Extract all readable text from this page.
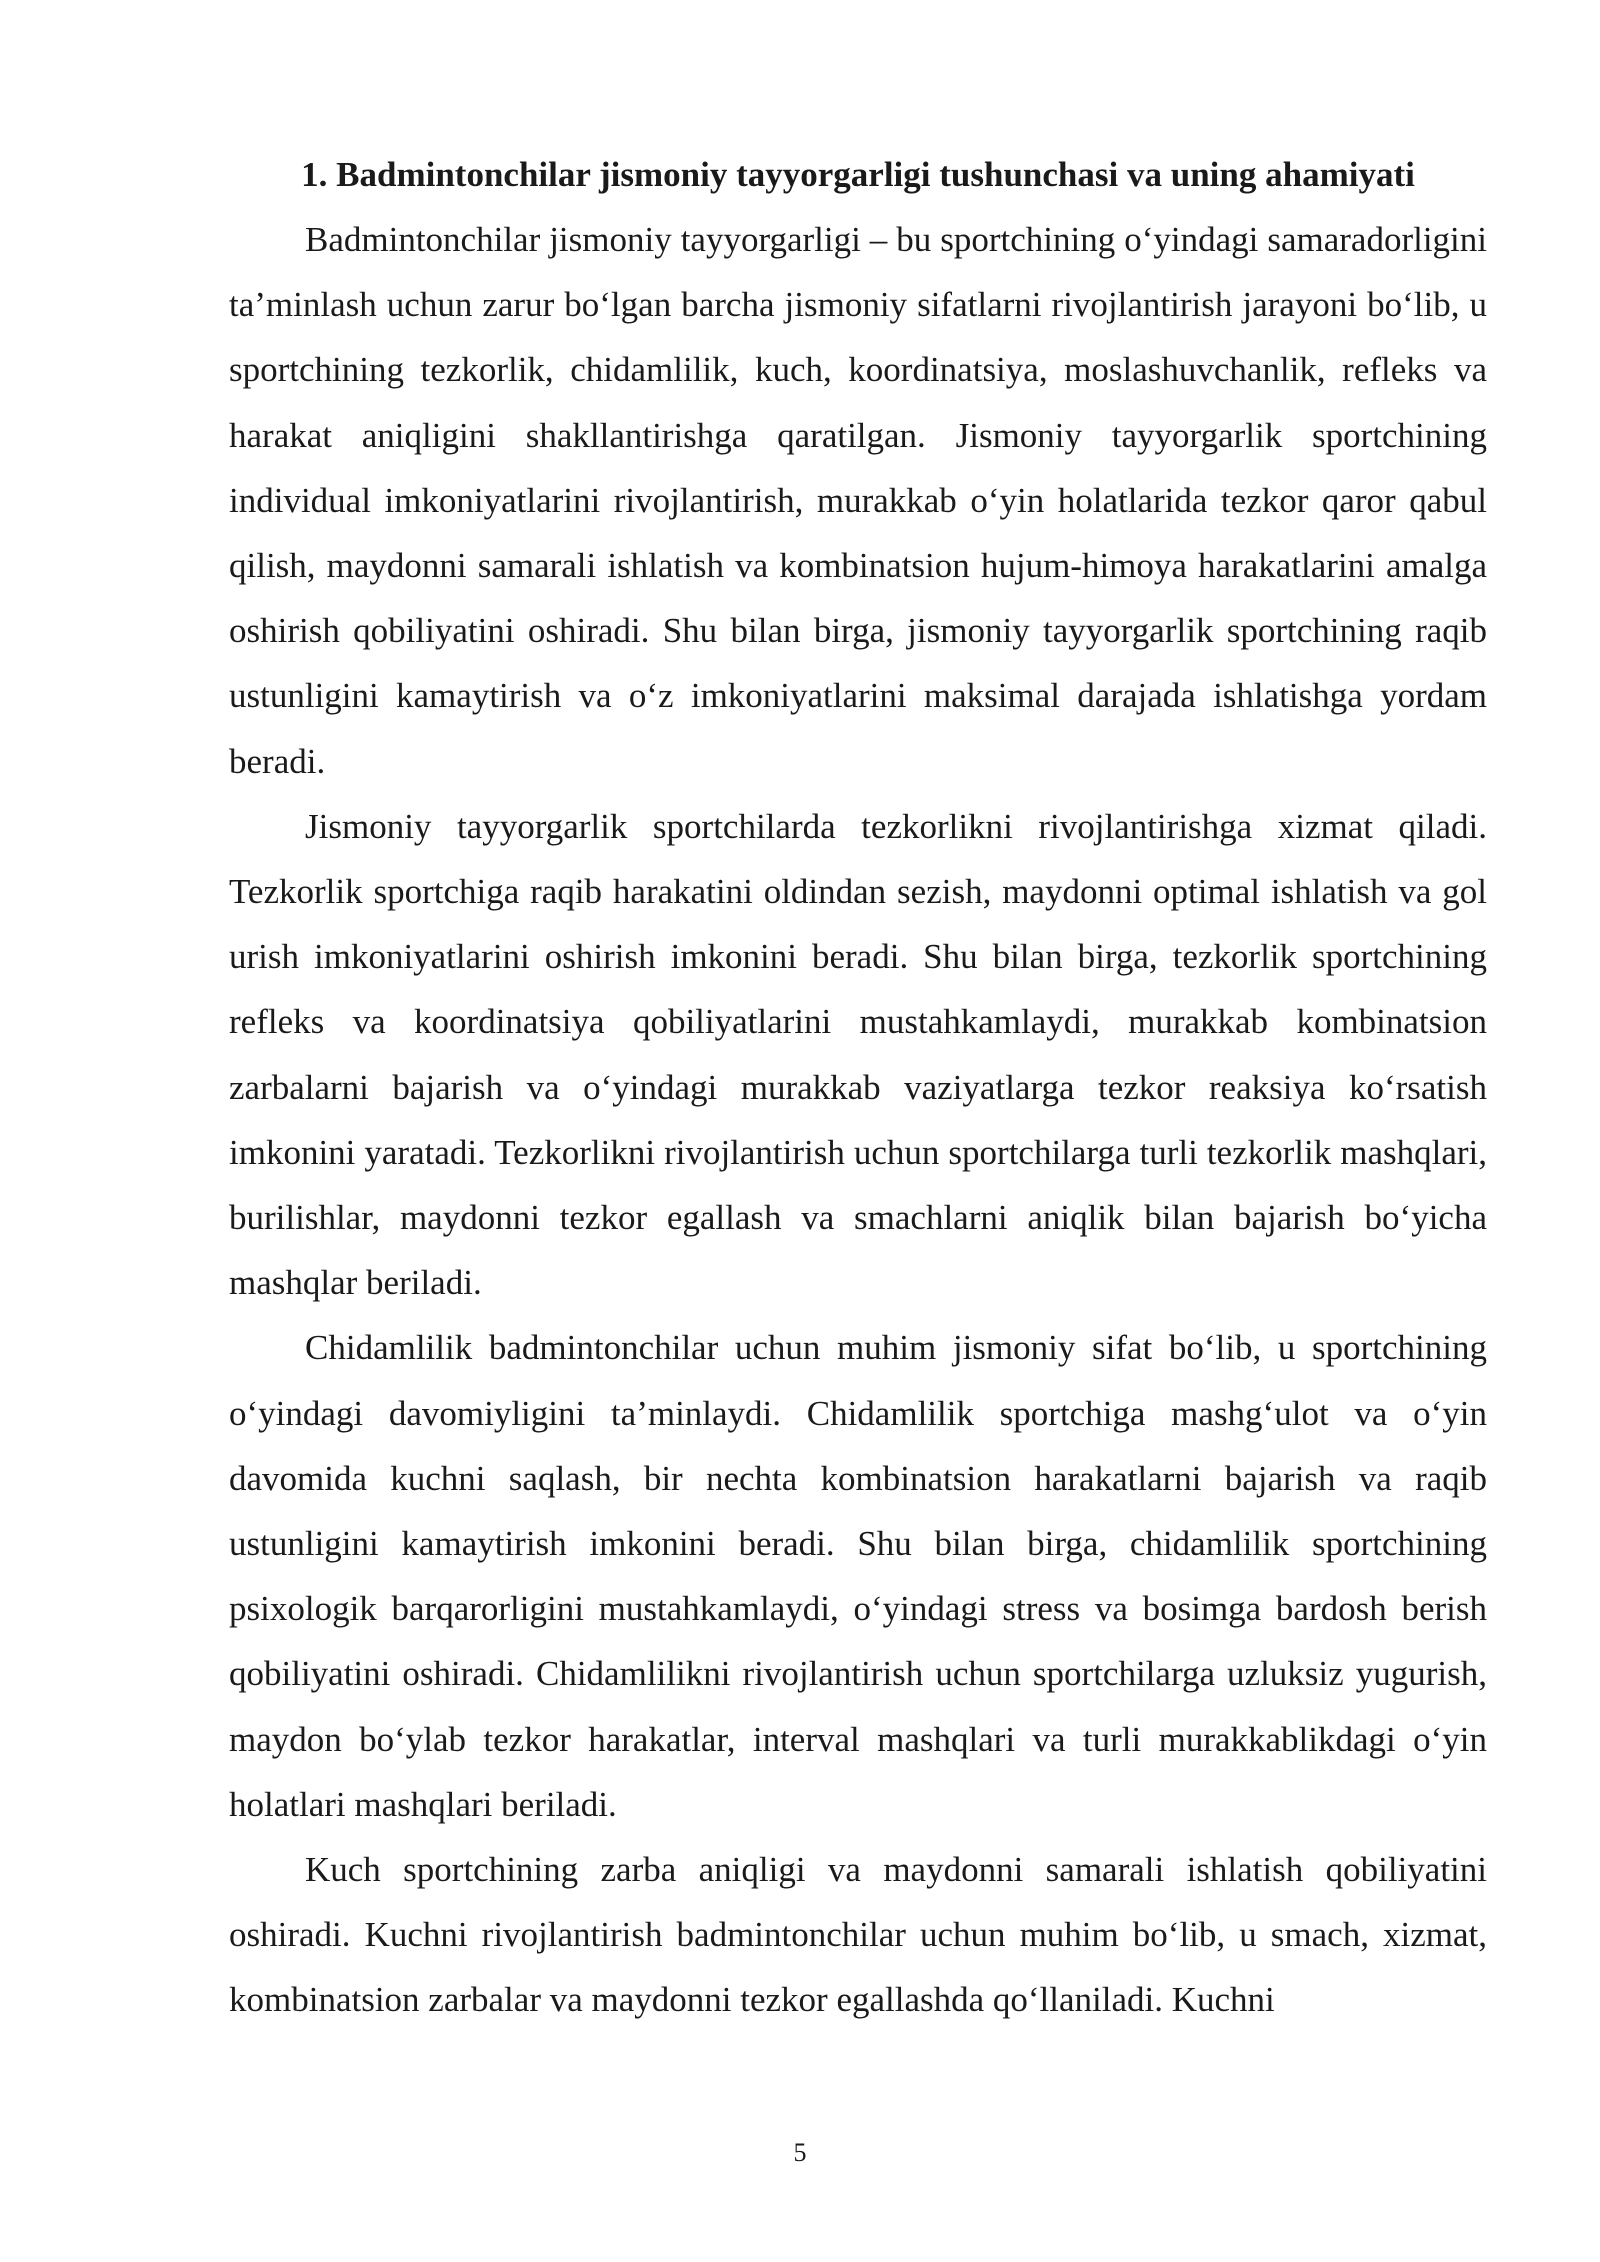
1. Badmintonchilar jismoniy tayyorgarligi tushunchasi va uning ahamiyati

Badmintonchilar jismoniy tayyorgarligi – bu sportchining o‘yindagi samaradorligini ta’minlash uchun zarur bo‘lgan barcha jismoniy sifatlarni rivojlantirish jarayoni bo‘lib, u sportchining tezkorlik, chidamlilik, kuch, koordinatsiya, moslashuvchanlik, refleks va harakat aniqligini shakllantirishga qaratilgan. Jismoniy tayyorgarlik sportchining individual imkoniyatlarini rivojlantirish, murakkab o‘yin holatlarida tezkor qaror qabul qilish, maydonni samarali ishlatish va kombinatsion hujum-himoya harakatlarini amalga oshirish qobiliyatini oshiradi. Shu bilan birga, jismoniy tayyorgarlik sportchining raqib ustunligini kamaytirish va o‘z imkoniyatlarini maksimal darajada ishlatishga yordam beradi.

Jismoniy tayyorgarlik sportchilarda tezkorlikni rivojlantirishga xizmat qiladi. Tezkorlik sportchiga raqib harakatini oldindan sezish, maydonni optimal ishlatish va gol urish imkoniyatlarini oshirish imkonini beradi. Shu bilan birga, tezkorlik sportchining refleks va koordinatsiya qobiliyatlarini mustahkamlaydi, murakkab kombinatsion zarbalarni bajarish va o‘yindagi murakkab vaziyatlarga tezkor reaksiya ko‘rsatish imkonini yaratadi. Tezkorlikni rivojlantirish uchun sportchilarga turli tezkorlik mashqlari, burilishlar, maydonni tezkor egallash va smachlarni aniqlik bilan bajarish bo‘yicha mashqlar beriladi.

Chidamlilik badmintonchilar uchun muhim jismoniy sifat bo‘lib, u sportchining o‘yindagi davomiyligini ta’minlaydi. Chidamlilik sportchiga mashg‘ulot va o‘yin davomida kuchni saqlash, bir nechta kombinatsion harakatlarni bajarish va raqib ustunligini kamaytirish imkonini beradi. Shu bilan birga, chidamlilik sportchining psixologik barqarorligini mustahkamlaydi, o‘yindagi stress va bosimga bardosh berish qobiliyatini oshiradi. Chidamlilikni rivojlantirish uchun sportchilarga uzluksiz yugurish, maydon bo‘ylab tezkor harakatlar, interval mashqlari va turli murakkablikdagi o‘yin holatlari mashqlari beriladi.

Kuch sportchining zarba aniqligi va maydonni samarali ishlatish qobiliyatini oshiradi. Kuchni rivojlantirish badmintonchilar uchun muhim bo‘lib, u smach, xizmat, kombinatsion zarbalar va maydonni tezkor egallashda qo‘llaniladi. Kuchni

5
